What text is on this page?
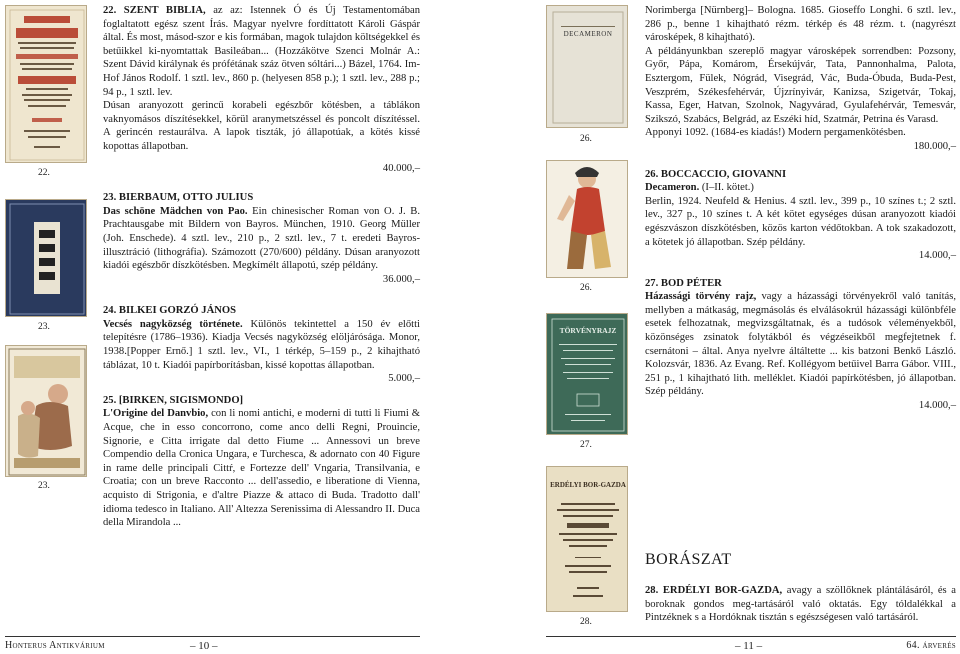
22.
23.
23.

22. SZENT BIBLIA, az az: Istennek Ó és Új Testamentomában foglaltatott egész szent Írás. Magyar nyelvre fordíttatott Károli Gáspár által. És most, másod-szor e kis formában, magok tulajdon költségekkel és betűikkel ki-nyomtattak Basileában... (Hozzákötve Szenci Molnár A.: Szent Dávid királynak és prófétának száz ötven sóltári...) Bázel, 1764. Im-Hof János Rodolf. 1 sztl. lev., 860 p. (helyesen 858 p.); 1 sztl. lev., 288 p.; 94 p., 1 sztl. lev.

Dúsan aranyozott gerincű korabeli egészbőr kötésben, a táblákon vaknyomásos díszítésekkel, körül aranymetszéssel és poncolt díszítéssel. A gerincén restaurálva. A lapok tiszták, jó állapotúak, a kötés kissé kopottas állapotban.

40.000,–

23. BIERBAUM, OTTO JULIUS

Das schöne Mädchen von Pao. Ein chinesischer Roman von O. J. B. Prachtausgabe mit Bildern von Bayros. München, 1910. Georg Müller (Joh. Enschede). 4 sztl. lev., 210 p., 2 sztl. lev., 7 t. eredeti Bayros-illusztráció (lithográfia). Számozott (270/600) példány. Dúsan aranyozott kiadói egészbőr díszkötésben. Megkímélt állapotú, szép példány.

36.000,–

24. BILKEI GORZÓ JÁNOS

Vecsés nagyközség története. Különös tekintettel a 150 év előtti telepítésre (1786–1936). Kiadja Vecsés nagyközség elöljárósága. Monor, 1938.[Popper Ernő.] 1 sztl. lev., VI., 1 térkép, 5–159 p., 2 kihajtható táblázat, 10 t. Kiadói papírborításban, kissé kopottas állapotban.

5.000,–

25. [BIRKEN, SIGISMONDO]

L'Origine del Danvbio, con li nomi antichi, e moderni di tutti li Fiumi & Acque, che in esso concorrono, come anco delli Regni, Prouincie, Signorie, e Citta irrigate dal detto Fiume ... Annessovi un breve Compendio della Cronica Ungara, e Turchesca, & adornato con 40 Figure in rame delle principali Cittŕ, e Fortezze dell' Vngaria, Transilvania, e Croatia; con un breve Racconto ... dell'assedio, e liberatione di Vienna, acquisto di Strigonia, e d'altre Piazze & attaco di Buda. Tradotto dall' idioma tedesco in Italiano. All' Altezza Serenissima di Alessandro II. Duca della Mirandola ...

Honterus Antikvárium	– 10 –
DECAMERON
26.
26.
TÖRVÉNYRAJZ
27.
ERDÉLYI BOR-GAZDA
28.

Norimberga [Nürnberg]– Bologna. 1685. Gioseffo Longhi. 6 sztl. lev., 286 p., benne 1 kihajtható rézm. térkép és 48 rézm. t. (nagyrészt városképek, 8 kihajtható).

A példányunkban szereplő magyar városképek sorrendben: Pozsony, Győr, Pápa, Komárom, Érsekújvár, Tata, Pannonhalma, Palota, Esztergom, Fülek, Nógrád, Visegrád, Vác, Buda-Óbuda, Buda-Pest, Veszprém, Székesfehérvár, Újzrínyivár, Kanizsa, Szigetvár, Tokaj, Kassa, Eger, Hatvan, Szolnok, Nagyvárad, Gyulafehérvár, Temesvár, Szikszó, Szabács, Belgrád, az Eszéki híd, Szatmár, Petrina és Varasd.

Apponyi 1092. (1684-es kiadás!) Modern pergamenkötésben.

180.000,–

26. BOCCACCIO, GIOVANNI

Decameron. (I–II. kötet.)

Berlin, 1924. Neufeld & Henius. 4 sztl. lev., 399 p., 10 színes t.; 2 sztl. lev., 327 p., 10 színes t. A két kötet egységes dúsan aranyozott kiadói egészvászon díszkötésben, közös karton védőtokban. A tok szakadozott, a kötetek jó állapotban. Szép példány.

14.000,–

27. BOD PÉTER

Házassági törvény rajz, vagy a házassági törvényekről való tanítás, mellyben a mátkaság, megmásolás és elválásokrúl házassági különbféle esetek felhozatnak, megvizsgáltatnak, és a tudósok véleményekből, közönséges zsinatok folytákból és végzéseikből megfejtetnek f. csernátoni – által. Anya nyelvre áltáltette ... kis batzoni Benkő László. Kolozsvár, 1836. Az Evang. Ref. Kollégyom betűivel Barra Gábor. VIII., 251 p., 1 kihajtható lith. melléklet. Kiadói papírkötésben, jó állapotban. Szép példány.

14.000,–

BORÁSZAT

28. ERDÉLYI BOR-GAZDA, avagy a szöllőknek plántálásáról, és a boroknak gondos meg-tartásáról való oktatás. Egy tóldalékkal a Pintzéknek s a Hordóknak tisztán s egészségesen való tartásáról.

– 11 –	64. árverés
